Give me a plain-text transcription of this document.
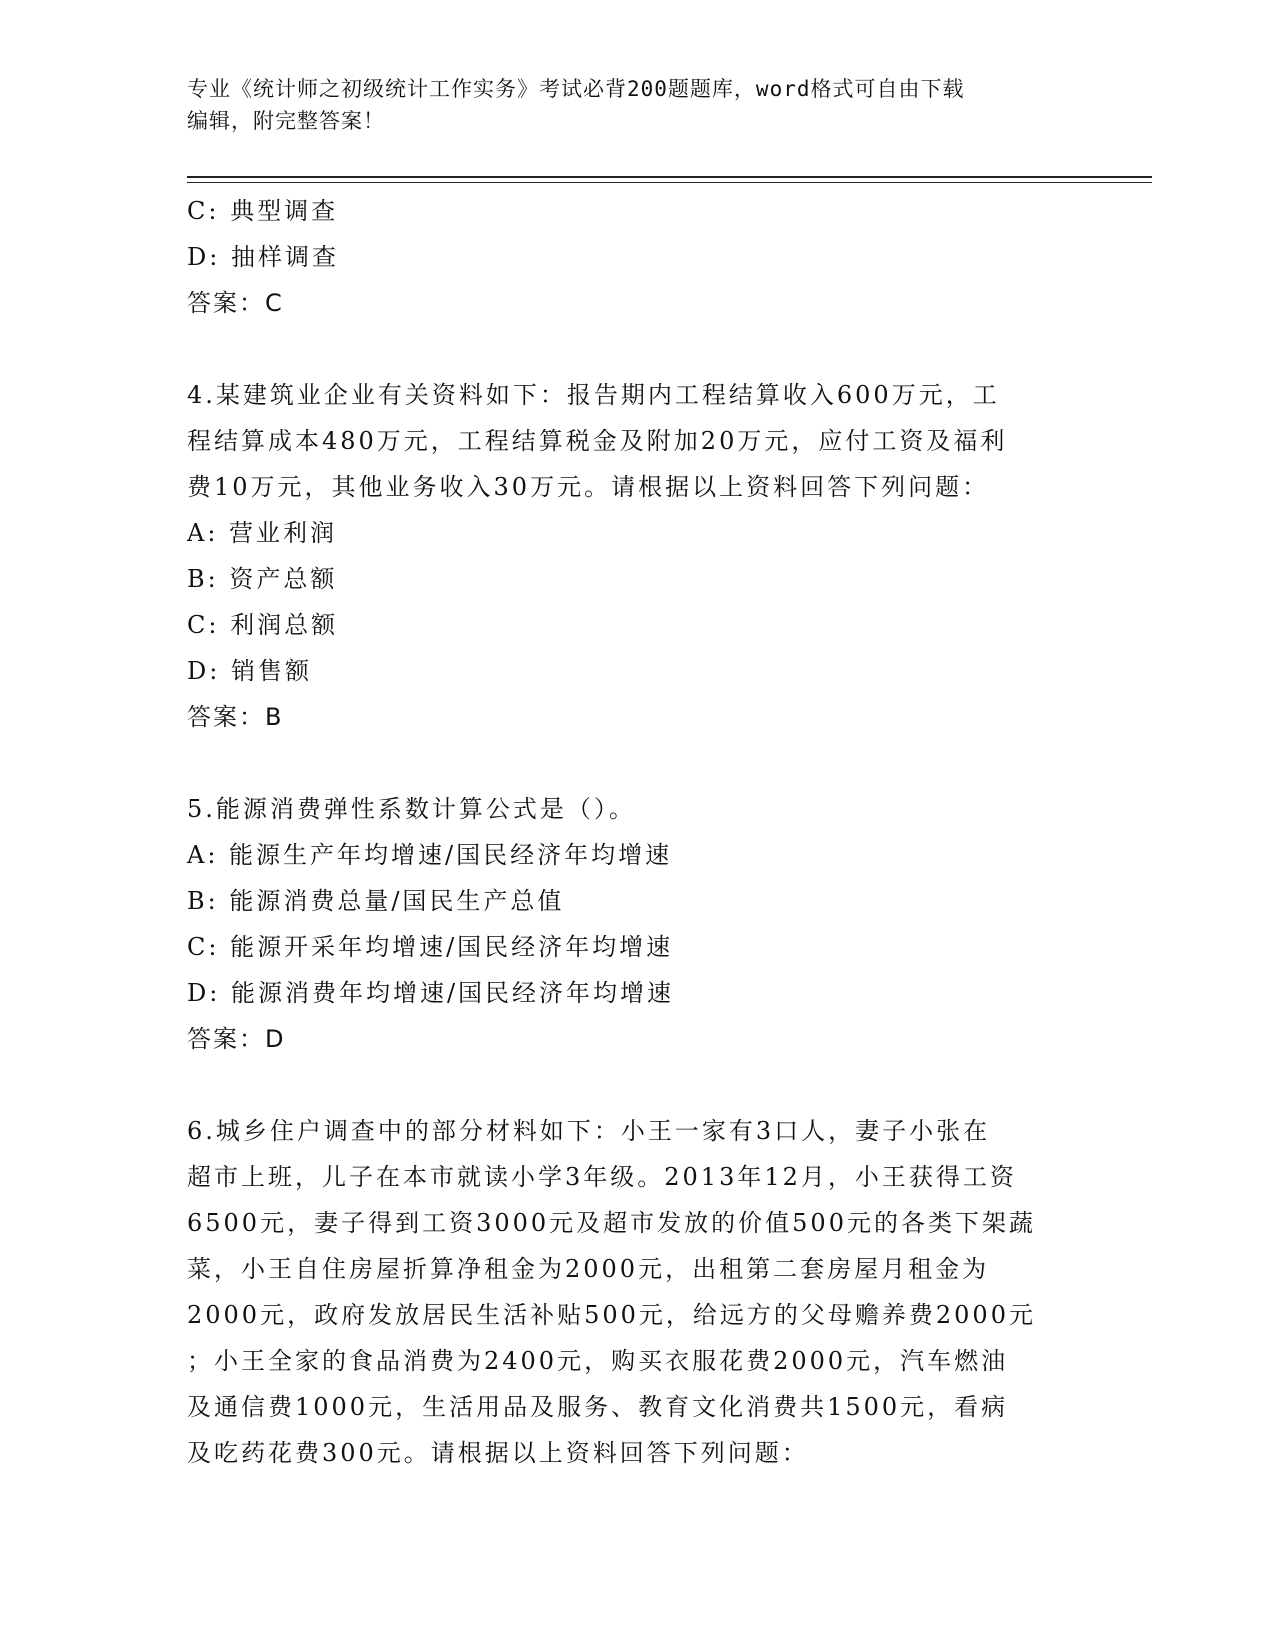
专业《统计师之初级统计工作实务》考试必背200题题库，word格式可自由下载
编辑，附完整答案！
C: 典型调查
D: 抽样调查
答案：C
4.某建筑业企业有关资料如下：报告期内工程结算收入600万元，工
程结算成本480万元，工程结算税金及附加20万元，应付工资及福利
费10万元，其他业务收入30万元。请根据以上资料回答下列问题：
A: 营业利润
B: 资产总额
C: 利润总额
D: 销售额
答案：B
5.能源消费弹性系数计算公式是（）。
A: 能源生产年均增速/国民经济年均增速
B: 能源消费总量/国民生产总值
C: 能源开采年均增速/国民经济年均增速
D: 能源消费年均增速/国民经济年均增速
答案：D
6.城乡住户调查中的部分材料如下：小王一家有3口人，妻子小张在
超市上班，儿子在本市就读小学3年级。2013年12月，小王获得工资
6500元，妻子得到工资3000元及超市发放的价值500元的各类下架蔬
菜，小王自住房屋折算净租金为2000元，出租第二套房屋月租金为
2000元，政府发放居民生活补贴500元，给远方的父母赡养费2000元
；小王全家的食品消费为2400元，购买衣服花费2000元，汽车燃油
及通信费1000元，生活用品及服务、教育文化消费共1500元，看病
及吃药花费300元。请根据以上资料回答下列问题：
